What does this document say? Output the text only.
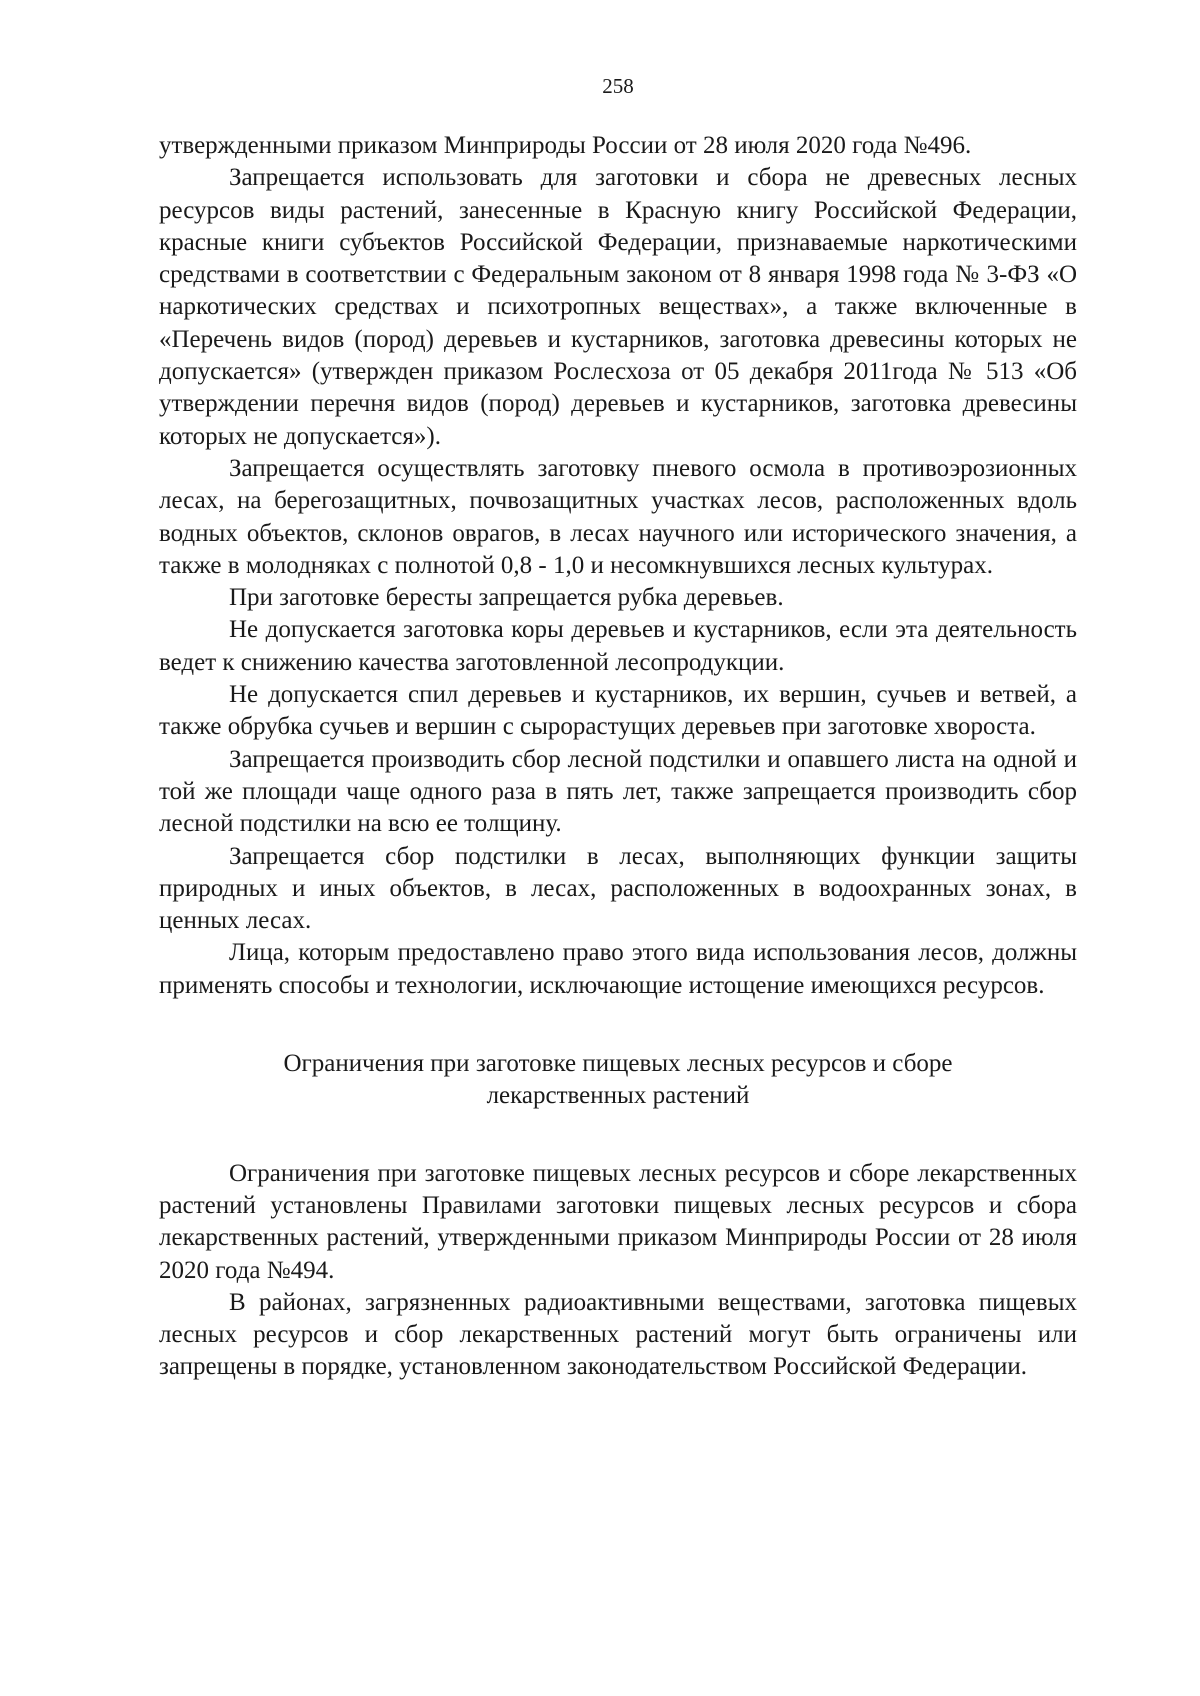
258

утвержденными приказом Минприроды России от 28 июля 2020 года №496.

Запрещается использовать для заготовки и сбора не древесных лесных ресурсов виды растений, занесенные в Красную книгу Российской Федерации, красные книги субъектов Российской Федерации, признаваемые наркотическими средствами в соответствии с Федеральным законом от 8 января 1998 года № 3-ФЗ «О наркотических средствах и психотропных веществах», а также включенные в «Перечень видов (пород) деревьев и кустарников, заготовка древесины которых не допускается» (утвержден приказом Рослесхоза от 05 декабря 2011года № 513 «Об утверждении перечня видов (пород) деревьев и кустарников, заготовка древесины которых не допускается»).

Запрещается осуществлять заготовку пневого осмола в противоэрозионных лесах, на берегозащитных, почвозащитных участках лесов, расположенных вдоль водных объектов, склонов оврагов, в лесах научного или исторического значения, а также в молодняках с полнотой 0,8 - 1,0 и несомкнувшихся лесных культурах.

При заготовке бересты запрещается рубка деревьев.

Не допускается заготовка коры деревьев и кустарников, если эта деятельность ведет к снижению качества заготовленной лесопродукции.

Не допускается спил деревьев и кустарников, их вершин, сучьев и ветвей, а также обрубка сучьев и вершин с сырорастущих деревьев при заготовке хвороста.

Запрещается производить сбор лесной подстилки и опавшего листа на одной и той же площади чаще одного раза в пять лет, также запрещается производить сбор лесной подстилки на всю ее толщину.

Запрещается сбор подстилки в лесах, выполняющих функции защиты природных и иных объектов, в лесах, расположенных в водоохранных зонах, в ценных лесах.

Лица, которым предоставлено право этого вида использования лесов, должны применять способы и технологии, исключающие истощение имеющихся ресурсов.

Ограничения при заготовке пищевых лесных ресурсов и сборе
лекарственных растений

Ограничения при заготовке пищевых лесных ресурсов и сборе лекарственных растений установлены Правилами заготовки пищевых лесных ресурсов и сбора лекарственных растений, утвержденными приказом Минприроды России от 28 июля 2020 года №494.

В районах, загрязненных радиоактивными веществами, заготовка пищевых лесных ресурсов и сбор лекарственных растений могут быть ограничены или запрещены в порядке, установленном законодательством Российской Федерации.
